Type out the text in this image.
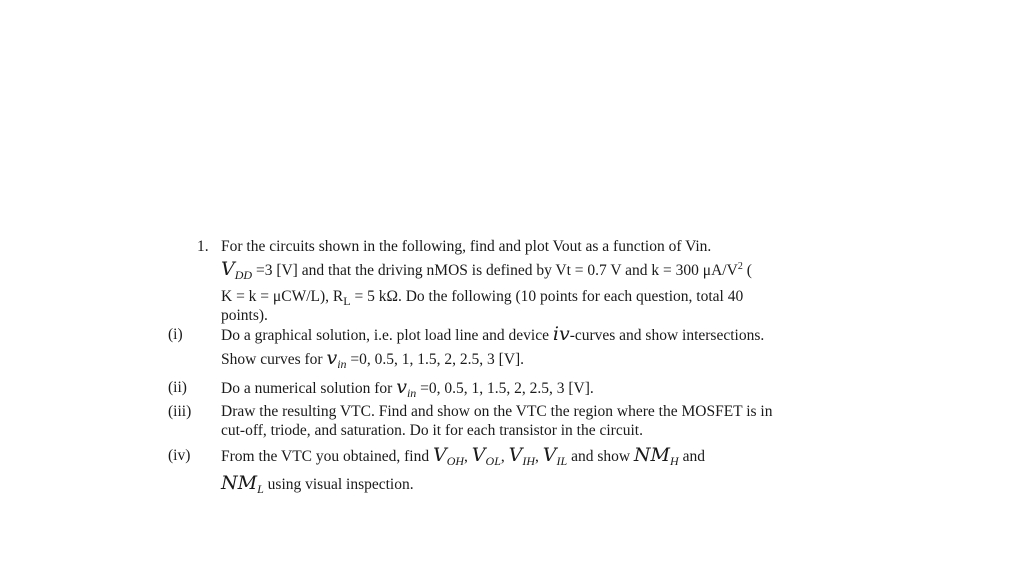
1. For the circuits shown in the following, find and plot Vout as a function of Vin.
$V_{DD} =3$ [V] and that the driving nMOS is defined by Vt = 0.7 V and k = 300 $\mu A/V^2$ (
K = k = μCW/L), $R_L = 5$ kΩ. Do the following (10 points for each question, total 40
points).
(i) Do a graphical solution, i.e. plot load line and device iv-curves and show intersections.
Show curves for $v_{in} =0$, 0.5, 1, 1.5, 2, 2.5, 3 [V].
(ii) Do a numerical solution for $v_{in} =0$, 0.5, 1, 1.5, 2, 2.5, 3 [V].
(iii) Draw the resulting VTC. Find and show on the VTC the region where the MOSFET is in
cut-off, triode, and saturation. Do it for each transistor in the circuit.
(iv) From the VTC you obtained, find $V_{OH}$, $V_{OL}$, $V_{IH}$, $V_{IL}$ and show $NM_H$ and
$NM_L$ using visual inspection.
